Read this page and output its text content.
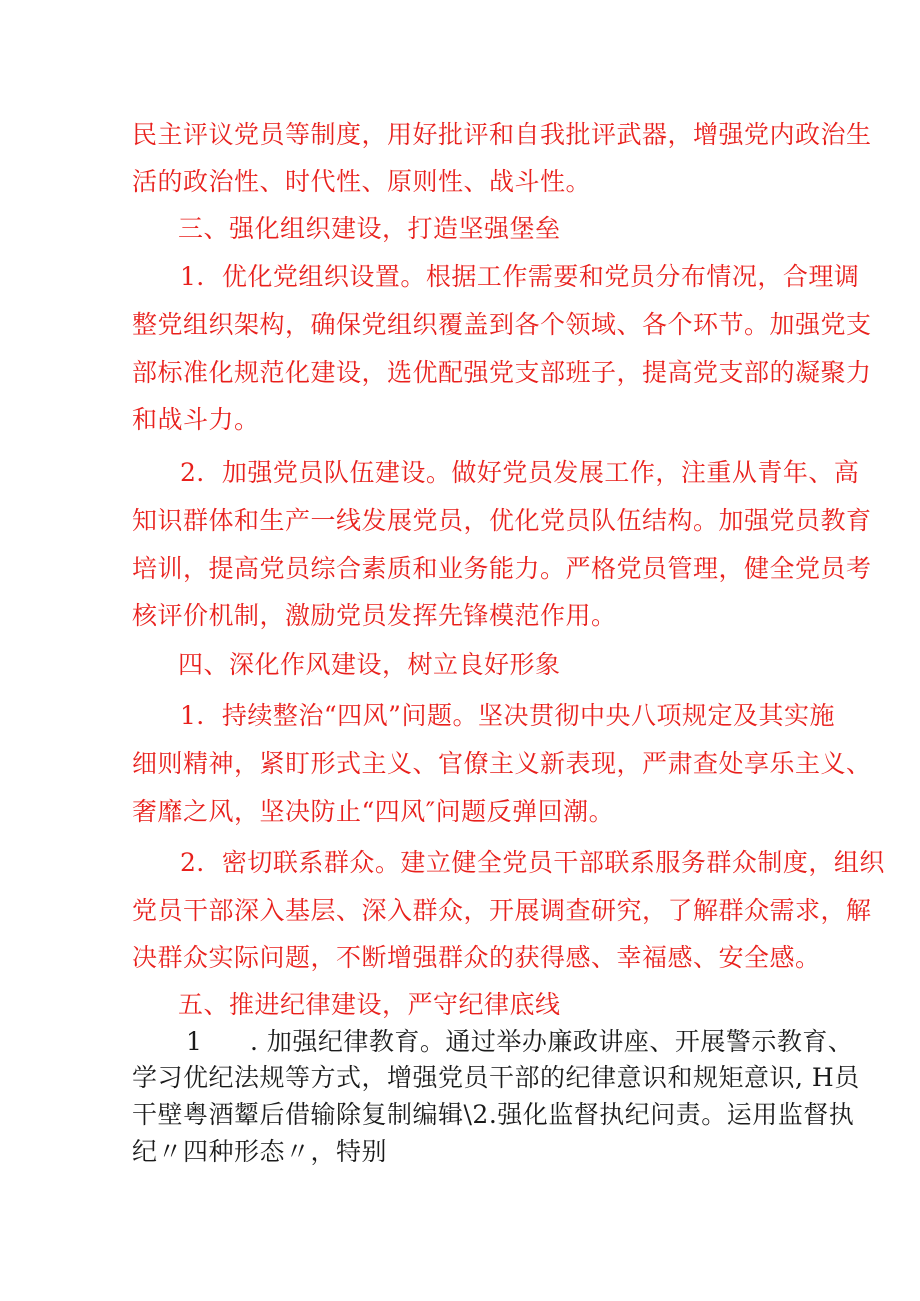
民主评议党员等制度，用好批评和自我批评武器，增强党内政治生
活的政治性、时代性、原则性、战斗性。
三、强化组织建设，打造坚强堡垒
1．优化党组织设置。根据工作需要和党员分布情况，合理调
整党组织架构，确保党组织覆盖到各个领域、各个环节。加强党支
部标准化规范化建设，选优配强党支部班子，提高党支部的凝聚力
和战斗力。
2．加强党员队伍建设。做好党员发展工作，注重从青年、高
知识群体和生产一线发展党员，优化党员队伍结构。加强党员教育
培训，提高党员综合素质和业务能力。严格党员管理，健全党员考
核评价机制，激励党员发挥先锋模范作用。
四、深化作风建设，树立良好形象
1．持续整治“四风”问题。坚决贯彻中央八项规定及其实施
细则精神，紧盯形式主义、官僚主义新表现，严肃查处享乐主义、
奢靡之风，坚决防止“四风″问题反弹回潮。
2．密切联系群众。建立健全党员干部联系服务群众制度，组织
党员干部深入基层、深入群众，开展调查研究，了解群众需求，解
决群众实际问题，不断增强群众的获得感、幸福感、安全感。
五、推进纪律建设，严守纪律底线
1 . 加强纪律教育。通过举办廉政讲座、开展警示教育、
学习优纪法规等方式，增强党员干部的纪律意识和规矩意识, H员
干壁粤酒颦后借输除复制编辑\2.强化监督执纪问责。运用监督执
纪〃四种形态〃，特别
